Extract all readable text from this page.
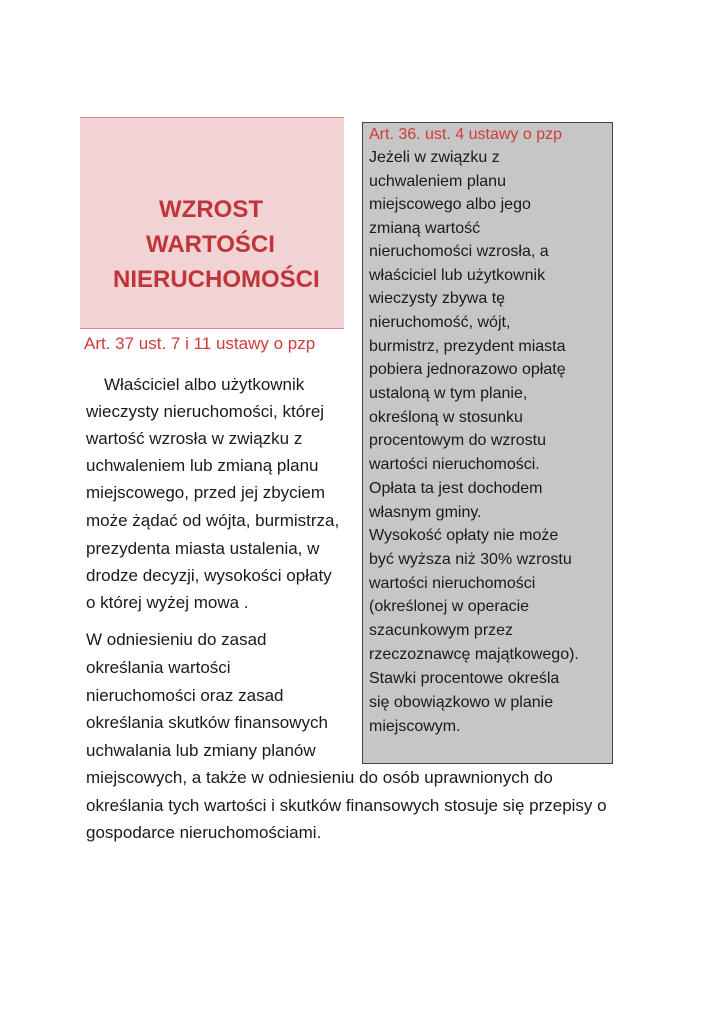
WZROST
WARTOŚCI
NIERUCHOMOŚCI
Art. 37 ust. 7 i 11 ustawy o pzp
Właściciel albo użytkownik
wieczysty nieruchomości, której
wartość wzrosła w związku z
uchwaleniem lub zmianą planu
miejscowego, przed jej zbyciem
może żądać od wójta, burmistrza,
prezydenta miasta ustalenia, w
drodze decyzji, wysokości opłaty
o której wyżej mowa .
W odniesieniu do zasad
określania wartości
nieruchomości oraz zasad
określania skutków finansowych
uchwalania lub zmiany planów
miejscowych, a także w odniesieniu do osób uprawnionych do
określania tych wartości i skutków finansowych stosuje się przepisy o
gospodarce nieruchomościami.
Art. 36. ust. 4 ustawy o pzp
Jeżeli w związku z
uchwaleniem planu
miejscowego albo jego
zmianą wartość
nieruchomości wzrosła, a
właściciel lub użytkownik
wieczysty zbywa tę
nieruchomość, wójt,
burmistrz, prezydent miasta
pobiera jednorazowo opłatę
ustaloną w tym planie,
określoną w stosunku
procentowym do wzrostu
wartości nieruchomości.
Opłata ta jest dochodem
własnym gminy.
Wysokość opłaty nie może
być wyższa niż 30% wzrostu
wartości nieruchomości
(określonej w operacie
szacunkowym przez
rzeczoznawcę majątkowego).
Stawki procentowe określa
się obowiązkowo w planie
miejscowym.
